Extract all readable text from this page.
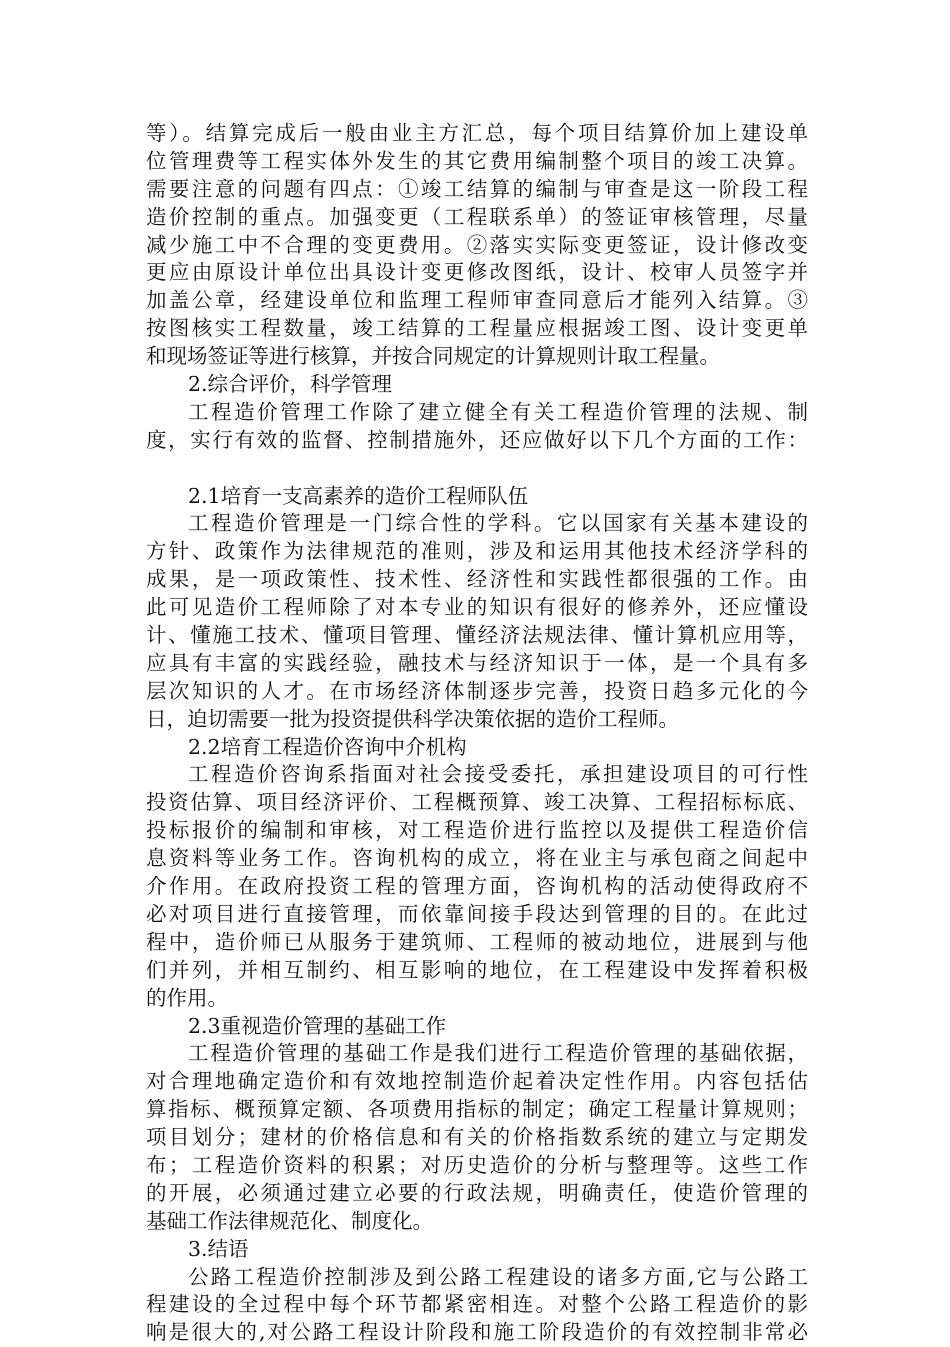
等）。结算完成后一般由业主方汇总，每个项目结算价加上建设单
位管理费等工程实体外发生的其它费用编制整个项目的竣工决算。
需要注意的问题有四点：①竣工结算的编制与审查是这一阶段工程
造价控制的重点。加强变更（工程联系单）的签证审核管理，尽量
减少施工中不合理的变更费用。②落实实际变更签证，设计修改变
更应由原设计单位出具设计变更修改图纸，设计、校审人员签字并
加盖公章，经建设单位和监理工程师审查同意后才能列入结算。③
按图核实工程数量，竣工结算的工程量应根据竣工图、设计变更单
和现场签证等进行核算，并按合同规定的计算规则计取工程量。
2.综合评价，科学管理
工程造价管理工作除了建立健全有关工程造价管理的法规、制
度，实行有效的监督、控制措施外，还应做好以下几个方面的工作：
2.1培育一支高素养的造价工程师队伍
工程造价管理是一门综合性的学科。它以国家有关基本建设的
方针、政策作为法律规范的准则，涉及和运用其他技术经济学科的
成果，是一项政策性、技术性、经济性和实践性都很强的工作。由
此可见造价工程师除了对本专业的知识有很好的修养外，还应懂设
计、懂施工技术、懂项目管理、懂经济法规法律、懂计算机应用等，
应具有丰富的实践经验，融技术与经济知识于一体，是一个具有多
层次知识的人才。在市场经济体制逐步完善，投资日趋多元化的今
日，迫切需要一批为投资提供科学决策依据的造价工程师。
2.2培育工程造价咨询中介机构
工程造价咨询系指面对社会接受委托，承担建设项目的可行性
投资估算、项目经济评价、工程概预算、竣工决算、工程招标标底、
投标报价的编制和审核，对工程造价进行监控以及提供工程造价信
息资料等业务工作。咨询机构的成立，将在业主与承包商之间起中
介作用。在政府投资工程的管理方面，咨询机构的活动使得政府不
必对项目进行直接管理，而依靠间接手段达到管理的目的。在此过
程中，造价师已从服务于建筑师、工程师的被动地位，进展到与他
们并列，并相互制约、相互影响的地位，在工程建设中发挥着积极
的作用。
2.3重视造价管理的基础工作
工程造价管理的基础工作是我们进行工程造价管理的基础依据，
对合理地确定造价和有效地控制造价起着决定性作用。内容包括估
算指标、概预算定额、各项费用指标的制定；确定工程量计算规则；
项目划分；建材的价格信息和有关的价格指数系统的建立与定期发
布；工程造价资料的积累；对历史造价的分析与整理等。这些工作
的开展，必须通过建立必要的行政法规，明确责任，使造价管理的
基础工作法律规范化、制度化。
3.结语
公路工程造价控制涉及到公路工程建设的诸多方面,它与公路工
程建设的全过程中每个环节都紧密相连。对整个公路工程造价的影
响是很大的,对公路工程设计阶段和施工阶段造价的有效控制非常必
